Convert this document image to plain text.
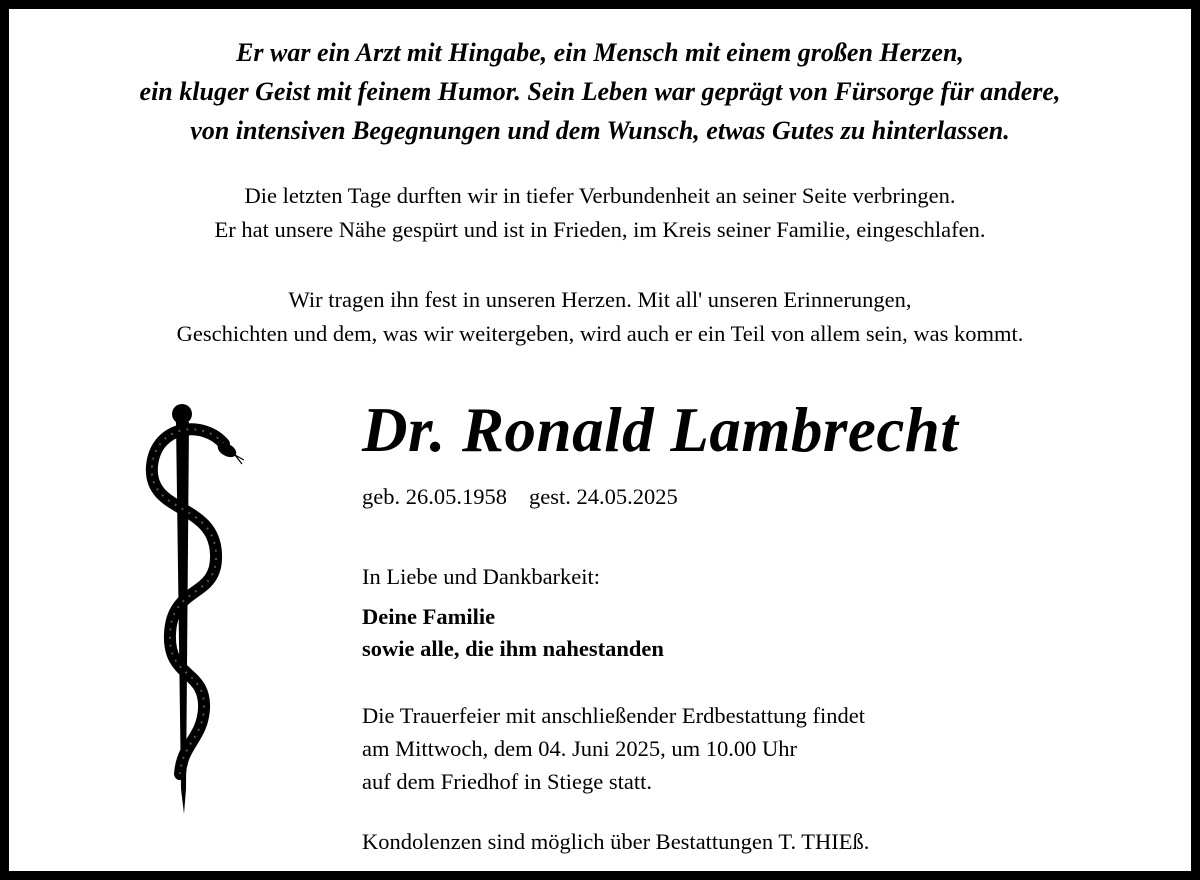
Er war ein Arzt mit Hingabe, ein Mensch mit einem großen Herzen,
ein kluger Geist mit feinem Humor. Sein Leben war geprägt von Fürsorge für andere,
von intensiven Begegnungen und dem Wunsch, etwas Gutes zu hinterlassen.
Die letzten Tage durften wir in tiefer Verbundenheit an seiner Seite verbringen.
Er hat unsere Nähe gespürt und ist in Frieden, im Kreis seiner Familie, eingeschlafen.
Wir tragen ihn fest in unseren Herzen. Mit all' unseren Erinnerungen,
Geschichten und dem, was wir weitergeben, wird auch er ein Teil von allem sein, was kommt.
Dr. Ronald Lambrecht
geb. 26.05.1958 gest. 24.05.2025
In Liebe und Dankbarkeit:
Deine Familie
sowie alle, die ihm nahestanden
Die Trauerfeier mit anschließender Erdbestattung findet
am Mittwoch, dem 04. Juni 2025, um 10.00 Uhr
auf dem Friedhof in Stiege statt.
Kondolenzen sind möglich über Bestattungen T. THIEß.
